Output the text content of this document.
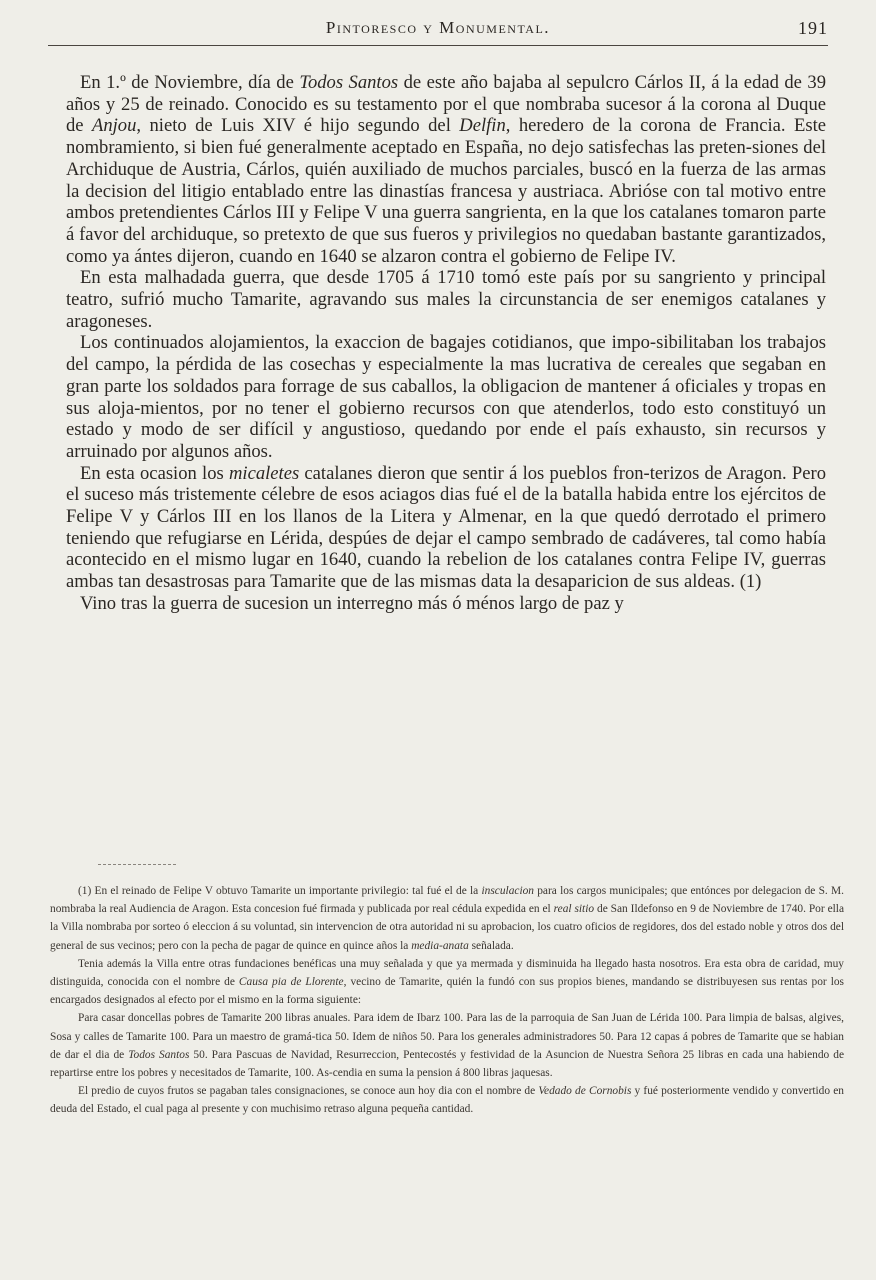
Pintoresco y Monumental.	191

En 1.º de Noviembre, día de Todos Santos de este año bajaba al sepulcro Cárlos II, á la edad de 39 años y 25 de reinado. Conocido es su testamento por el que nombraba sucesor á la corona al Duque de Anjou, nieto de Luis XIV é hijo segundo del Delfin, heredero de la corona de Francia. Este nombramiento, si bien fué generalmente aceptado en España, no dejo satisfechas las preten-siones del Archiduque de Austria, Cárlos, quién auxiliado de muchos parciales, buscó en la fuerza de las armas la decision del litigio entablado entre las dinastías francesa y austriaca. Abrióse con tal motivo entre ambos pretendientes Cárlos III y Felipe V una guerra sangrienta, en la que los catalanes tomaron parte á favor del archiduque, so pretexto de que sus fueros y privilegios no quedaban bastante garantizados, como ya ántes dijeron, cuando en 1640 se alzaron contra el gobierno de Felipe IV.

En esta malhadada guerra, que desde 1705 á 1710 tomó este país por su sangriento y principal teatro, sufrió mucho Tamarite, agravando sus males la circunstancia de ser enemigos catalanes y aragoneses.

Los continuados alojamientos, la exaccion de bagajes cotidianos, que impo-sibilitaban los trabajos del campo, la pérdida de las cosechas y especialmente la mas lucrativa de cereales que segaban en gran parte los soldados para forrage de sus caballos, la obligacion de mantener á oficiales y tropas en sus aloja-mientos, por no tener el gobierno recursos con que atenderlos, todo esto constituyó un estado y modo de ser difícil y angustioso, quedando por ende el país exhausto, sin recursos y arruinado por algunos años.

En esta ocasion los micaletes catalanes dieron que sentir á los pueblos fron-terizos de Aragon. Pero el suceso más tristemente célebre de esos aciagos dias fué el de la batalla habida entre los ejércitos de Felipe V y Cárlos III en los llanos de la Litera y Almenar, en la que quedó derrotado el primero teniendo que refugiarse en Lérida, despúes de dejar el campo sembrado de cadáveres, tal como había acontecido en el mismo lugar en 1640, cuando la rebelion de los catalanes contra Felipe IV, guerras ambas tan desastrosas para Tamarite que de las mismas data la desaparicion de sus aldeas. (1)

Vino tras la guerra de sucesion un interregno más ó ménos largo de paz y

(1) En el reinado de Felipe V obtuvo Tamarite un importante privilegio: tal fué el de la insculacion para los cargos municipales; que entónces por delegacion de S. M. nombraba la real Audiencia de Aragon. Esta concesion fué firmada y publicada por real cédula expedida en el real sitio de San Ildefonso en 9 de Noviembre de 1740. Por ella la Villa nombraba por sorteo ó eleccion á su voluntad, sin intervencion de otra autoridad ni su aprobacion, los cuatro oficios de regidores, dos del estado noble y otros dos del general de sus vecinos; pero con la pecha de pagar de quince en quince años la media-anata señalada.

Tenia además la Villa entre otras fundaciones benéficas una muy señalada y que ya mermada y disminuida ha llegado hasta nosotros. Era esta obra de caridad, muy distinguida, conocida con el nombre de Causa pia de Llorente, vecino de Tamarite, quién la fundó con sus propios bienes, mandando se distribuyesen sus rentas por los encargados designados al efecto por el mismo en la forma siguiente:

Para casar doncellas pobres de Tamarite 200 libras anuales. Para idem de Ibarz 100. Para las de la parroquia de San Juan de Lérida 100. Para limpia de balsas, algives, Sosa y calles de Tamarite 100. Para un maestro de gramá-tica 50. Idem de niños 50. Para los generales administradores 50. Para 12 capas á pobres de Tamarite que se habian de dar el dia de Todos Santos 50. Para Pascuas de Navidad, Resurreccion, Pentecostés y festividad de la Asuncion de Nuestra Señora 25 libras en cada una habiendo de repartirse entre los pobres y necesitados de Tamarite, 100. As-cendia en suma la pension á 800 libras jaquesas.

El predio de cuyos frutos se pagaban tales consignaciones, se conoce aun hoy dia con el nombre de Vedado de Cornobis y fué posteriormente vendido y convertido en deuda del Estado, el cual paga al presente y con muchisimo retraso alguna pequeña cantidad.
